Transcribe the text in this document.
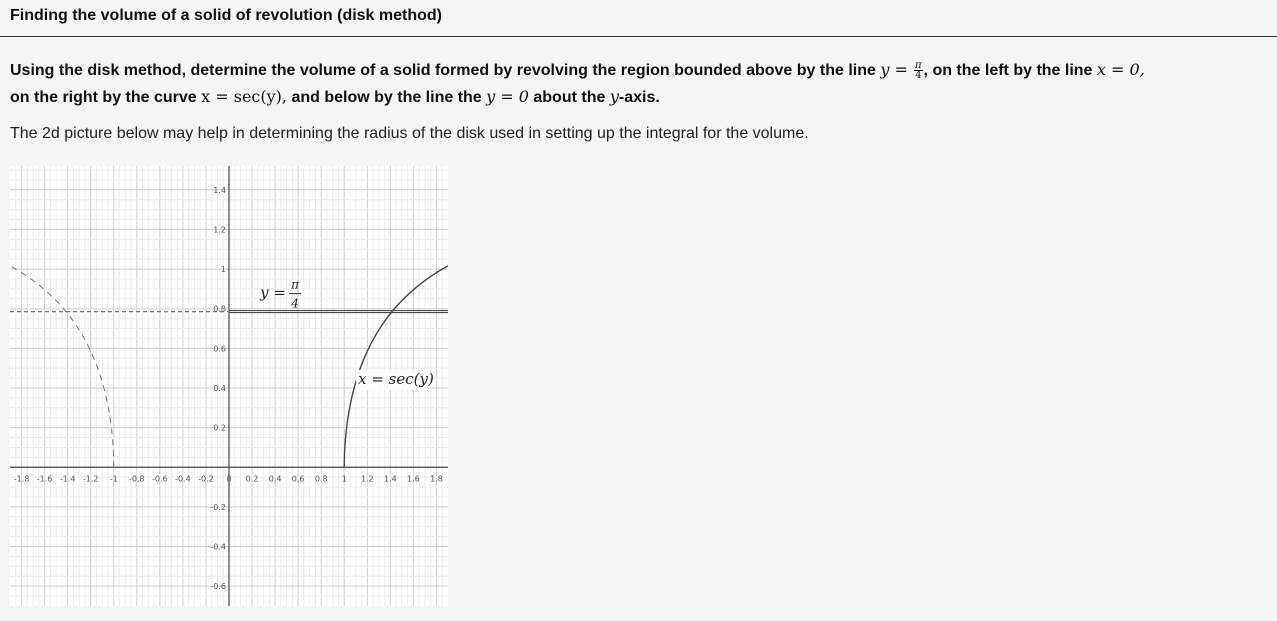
Finding the volume of a solid of revolution (disk method)
Using the disk method, determine the volume of a solid formed by revolving the region bounded above by the line $y = \frac{\pi}{4}$ , on the left by the line x = 0,
on the right by the curve x = sec(y), and below by the line the y = 0 about the y-axis.
The 2d picture below may help in determining the radius of the disk used in setting up the integral for the volume.
-1.8 -1.6 -1.4 -1.2 -1 -0.8 -0.6 -0.4 -0.2 0 0.2 0.4 0.6 0.8 1 1.2 1.4 1.6 1.8
1.4
1.2
1
0.8
0.6
0.4
0.2
-0.2
-0.4
-0.6
y = π
4
x = sec(y)
